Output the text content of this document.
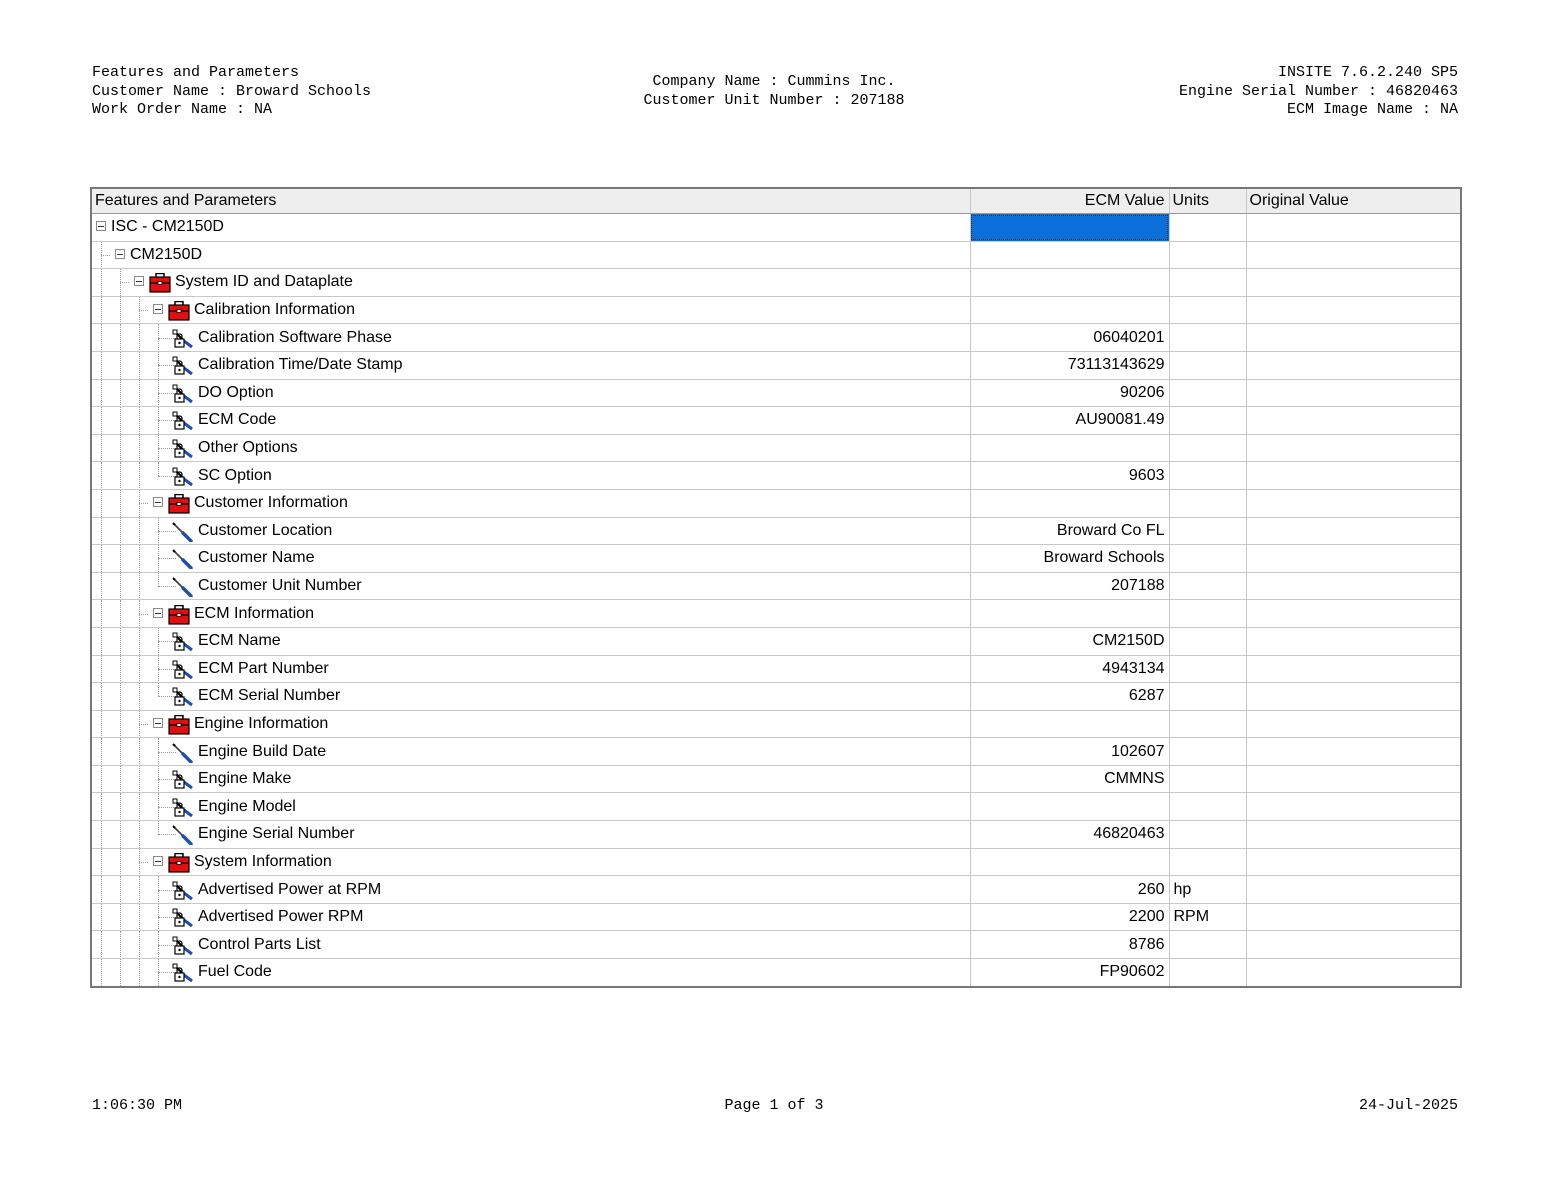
Features and Parameters
Customer Name : Broward Schools
Work Order Name : NA
Company Name : Cummins Inc.
Customer Unit Number : 207188
INSITE 7.6.2.240 SP5
Engine Serial Number : 46820463
ECM Image Name : NA
Features and Parameters	ECM Value	Units	Original Value

ISC - CM2150D			

CM2150D			

System ID and Dataplate			

Calibration Information			

Calibration Software Phase	06040201		

Calibration Time/Date Stamp	73113143629		

DO Option	90206		

ECM Code	AU90081.49		

Other Options			

SC Option	9603		

Customer Information			

Customer Location	Broward Co FL		

Customer Name	Broward Schools		

Customer Unit Number	207188		

ECM Information			

ECM Name	CM2150D		

ECM Part Number	4943134		

ECM Serial Number	6287		

Engine Information			

Engine Build Date	102607		

Engine Make	CMMNS		

Engine Model			

Engine Serial Number	46820463		

System Information			

Advertised Power at RPM	260	hp	

Advertised Power RPM	2200	RPM	

Control Parts List	8786		

Fuel Code	FP90602		
1:06:30 PM	Page 1 of 3	24-Jul-2025
